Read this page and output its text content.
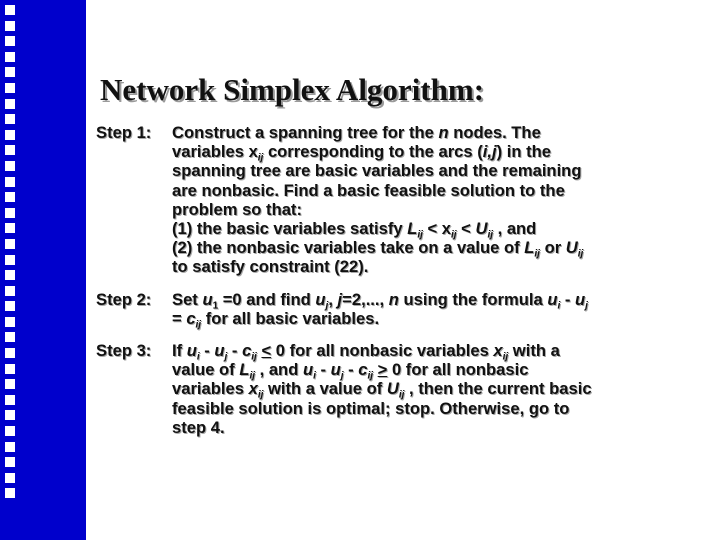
Network Simplex Algorithm:
Step 1:	Construct a spanning tree for the n nodes. The
variables $x_{ij}$ corresponding to the arcs (i,j) in the
spanning tree are basic variables and the remaining
are nonbasic. Find a basic feasible solution to the
problem so that:
(1) the basic variables satisfy $L_{ij} < x_{ij} < U_{ij}$ , and
(2) the nonbasic variables take on a value of $L_{ij}$ or $U_{ij}$
to satisfy constraint (22).
Step 2:	Set $u_1 =0$ and find $u_j$, j=2,..., n using the formula $u_i - u_j$
= $c_{ij}$ for all basic variables.
Step 3:	If $u_i - u_j - c_{ij} < 0$ for all nonbasic variables $x_{ij}$ with a
value of $L_{ij}$ , and $u_i - u_j - c_{ij} > 0$ for all nonbasic
variables $x_{ij}$ with a value of $U_{ij}$ , then the current basic
feasible solution is optimal; stop. Otherwise, go to
step 4.
